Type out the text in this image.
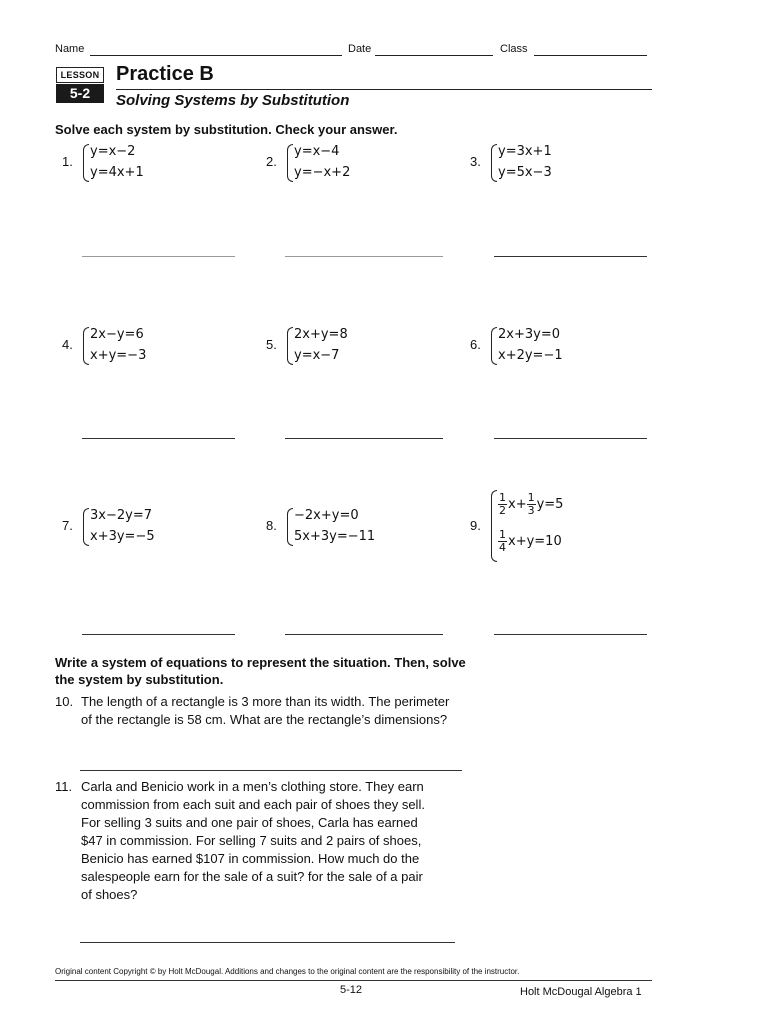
Name	Date	Class
LESSON
5-2
Practice B
Solving Systems by Substitution
Solve each system by substitution. Check your answer.
1.
y=x−2
y=4x+1
2.
y=x−4
y=−x+2
3.
y=3x+1
y=5x−3
4.
2x−y=6
x+y=−3
5.
2x+y=8
y=x−7
6.
2x+3y=0
x+2y=−1
7.
3x−2y=7
x+3y=−5
8.
−2x+y=0
5x+3y=−11
9.
$\frac{1}{2} x+ \frac{1}{3} y=5$
$\frac{1}{4} x+y=10$
Write a system of equations to represent the situation. Then, solve
the system by substitution.
10. The length of a rectangle is 3 more than its width. The perimeter
of the rectangle is 58 cm. What are the rectangle’s dimensions?
11. Carla and Benicio work in a men’s clothing store. They earn
commission from each suit and each pair of shoes they sell.
For selling 3 suits and one pair of shoes, Carla has earned
$47 in commission. For selling 7 suits and 2 pairs of shoes,
Benicio has earned $107 in commission. How much do the
salespeople earn for the sale of a suit? for the sale of a pair
of shoes?
Original content Copyright © by Holt McDougal. Additions and changes to the original content are the responsibility of the instructor.
5-12	Holt McDougal Algebra 1
